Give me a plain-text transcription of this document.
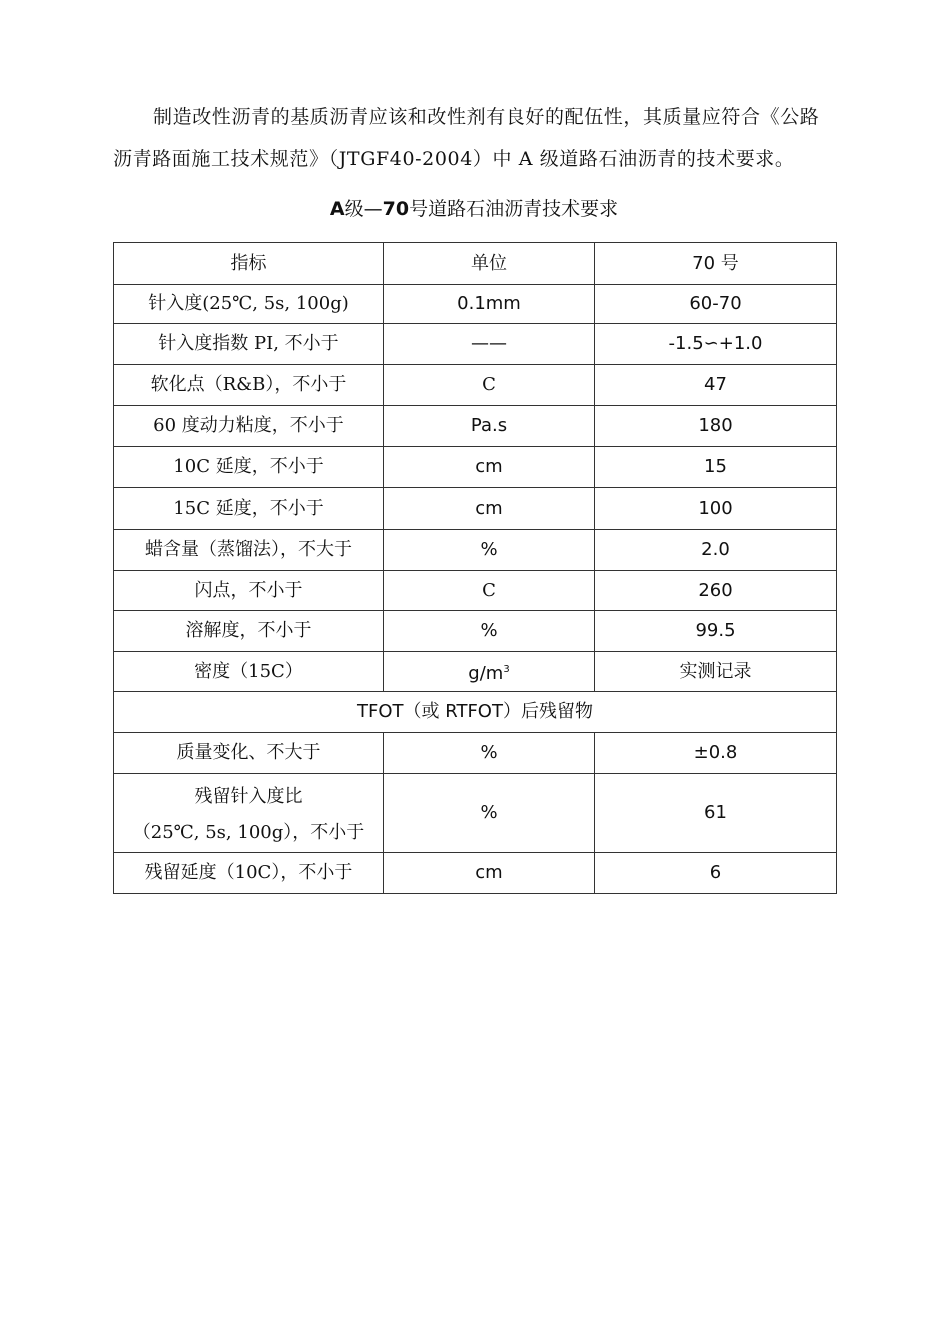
制造改性沥青的基质沥青应该和改性剂有良好的配伍性，其质量应符合《公路沥青路面施工技术规范》（JTGF40-2004）中 A 级道路石油沥青的技术要求。

A级—70号道路石油沥青技术要求

指标	单位	70 号
针入度(25℃, 5s, 100g)	0.1mm	60-70
针入度指数 PI, 不小于	——	-1.5∽+1.0
软化点（R&B），不小于	C	47
60 度动力粘度，不小于	Pa.s	180
10C 延度，不小于	cm	15
15C 延度，不小于	cm	100
蜡含量（蒸馏法），不大于	%	2.0
闪点，不小于	C	260
溶解度，不小于	%	99.5
密度（15C）	$g/m^3$	实测记录
TFOT（或 RTFOT）后残留物		
质量变化、不大于	%	±0.8

残留针入度比
（25℃, 5s, 100g），不小于	%	61
残留延度（10C），不小于	cm	6
